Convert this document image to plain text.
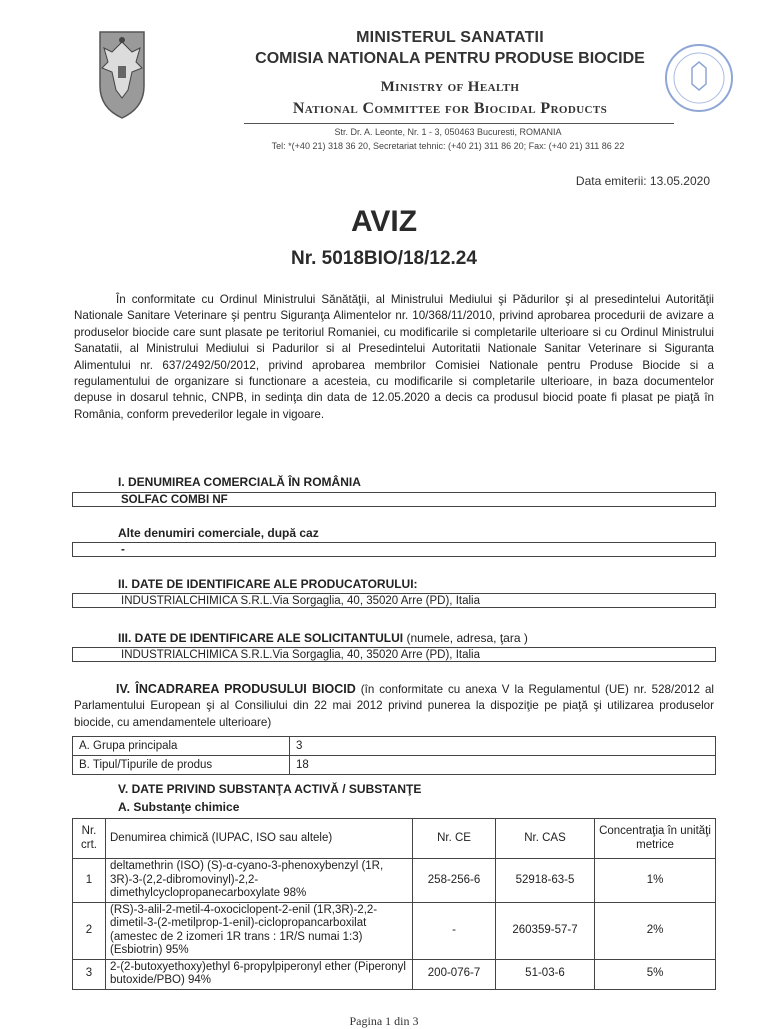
MINISTERUL SANATATII
COMISIA NATIONALA PENTRU PRODUSE BIOCIDE
Ministry of Health
National Committee for Biocidal Products
Str. Dr. A. Leonte, Nr. 1 - 3, 050463 Bucuresti, ROMANIA
Tel: *(+40 21) 318 36 20, Secretariat tehnic: (+40 21) 311 86 20; Fax: (+40 21) 311 86 22
Data emiterii: 13.05.2020
AVIZ
Nr. 5018BIO/18/12.24
În conformitate cu Ordinul Ministrului Sănătăţii, al Ministrului Mediului şi Pădurilor şi al presedintelui Autorităţii Nationale Sanitare Veterinare şi pentru Siguranţa Alimentelor nr. 10/368/11/2010, privind aprobarea procedurii de avizare a produselor biocide care sunt plasate pe teritoriul Romaniei, cu modificarile si completarile ulterioare si cu Ordinul Ministrului Sanatatii, al Ministrului Mediului si Padurilor si al Presedintelui Autoritatii Nationale Sanitar Veterinare si Siguranta Alimentului nr. 637/2492/50/2012, privind aprobarea membrilor Comisiei Nationale pentru Produse Biocide si a regulamentului de organizare si functionare a acesteia, cu modificarile si completarile ulterioare, in baza documentelor depuse in dosarul tehnic, CNPB, in sedinţa din data de 12.05.2020 a decis ca produsul biocid poate fi plasat pe piaţă în România, conform prevederilor legale in vigoare.
I. DENUMIREA COMERCIALĂ ÎN ROMÂNIA
SOLFAC COMBI NF
Alte denumiri comerciale, după caz
-
II. DATE DE IDENTIFICARE ALE PRODUCATORULUI:
INDUSTRIALCHIMICA S.R.L.Via Sorgaglia, 40, 35020 Arre (PD), Italia
III. DATE DE IDENTIFICARE ALE SOLICITANTULUI (numele, adresa, ţara )
INDUSTRIALCHIMICA S.R.L.Via Sorgaglia, 40, 35020 Arre (PD), Italia
IV. ÎNCADRAREA PRODUSULUI BIOCID (în conformitate cu anexa V la Regulamentul (UE) nr. 528/2012 al Parlamentului European şi al Consiliului din 22 mai 2012 privind punerea la dispoziţie pe piaţă şi utilizarea produselor biocide, cu amendamentele ulterioare)
A. Grupa principala	3
B. Tipul/Tipurile de produs	18
V. DATE PRIVIND SUBSTANŢA ACTIVĂ / SUBSTANŢE
A. Substanţe chimice
Nr. crt.	Denumirea chimică (IUPAC, ISO sau altele)	Nr. CE	Nr. CAS	Concentraţia în unităţi metrice
1	deltamethrin (ISO) (S)-α-cyano-3-phenoxybenzyl (1R, 3R)-3-(2,2-dibromovinyl)-2,2-dimethylcyclopropanecarboxylate 98%	258-256-6	52918-63-5	1%
2	(RS)-3-alil-2-metil-4-oxociclopent-2-enil (1R,3R)-2,2- dimetil-3-(2-metilprop-1-enil)-ciclopropancarboxilat (amestec de 2 izomeri 1R trans : 1R/S numai 1:3) (Esbiotrin) 95%	-	260359-57-7	2%
3	2-(2-butoxyethoxy)ethyl 6-propylpiperonyl ether (Piperonyl butoxide/PBO) 94%	200-076-7	51-03-6	5%
Pagina 1 din 3
